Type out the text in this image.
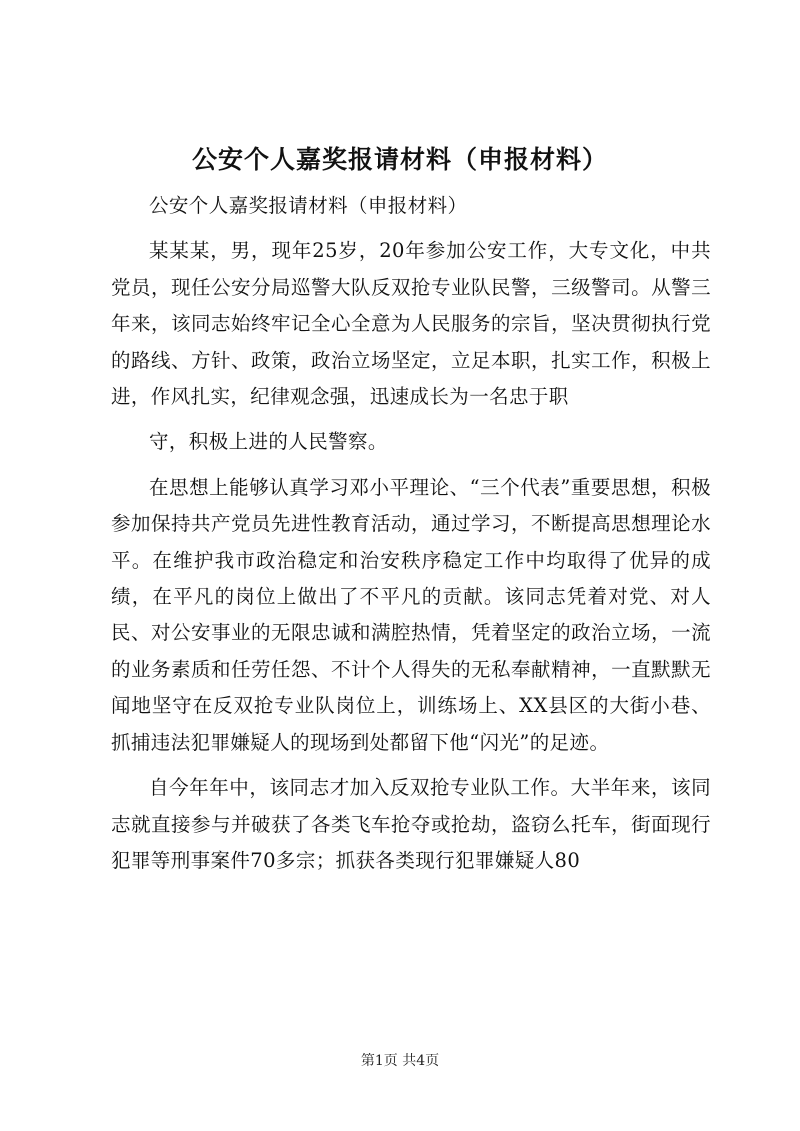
公安个人嘉奖报请材料（申报材料）

公安个人嘉奖报请材料（申报材料）

某某某，男，现年25岁，20年参加公安工作，大专文化，中共党员，现任公安分局巡警大队反双抢专业队民警，三级警司。从警三年来，该同志始终牢记全心全意为人民服务的宗旨，坚决贯彻执行党的路线、方针、政策，政治立场坚定，立足本职，扎实工作，积极上进，作风扎实，纪律观念强，迅速成长为一名忠于职

守，积极上进的人民警察。

在思想上能够认真学习邓小平理论、“三个代表”重要思想，积极参加保持共产党员先进性教育活动，通过学习，不断提高思想理论水平。在维护我市政治稳定和治安秩序稳定工作中均取得了优异的成绩，在平凡的岗位上做出了不平凡的贡献。该同志凭着对党、对人民、对公安事业的无限忠诚和满腔热情，凭着坚定的政治立场，一流的业务素质和任劳任怨、不计个人得失的无私奉献精神，一直默默无闻地坚守在反双抢专业队岗位上，训练场上、XX县区的大街小巷、抓捕违法犯罪嫌疑人的现场到处都留下他“闪光”的足迹。

自今年年中，该同志才加入反双抢专业队工作。大半年来，该同志就直接参与并破获了各类飞车抢夺或抢劫，盗窃么托车，街面现行犯罪等刑事案件70多宗；抓获各类现行犯罪嫌疑人80

第1页 共4页
